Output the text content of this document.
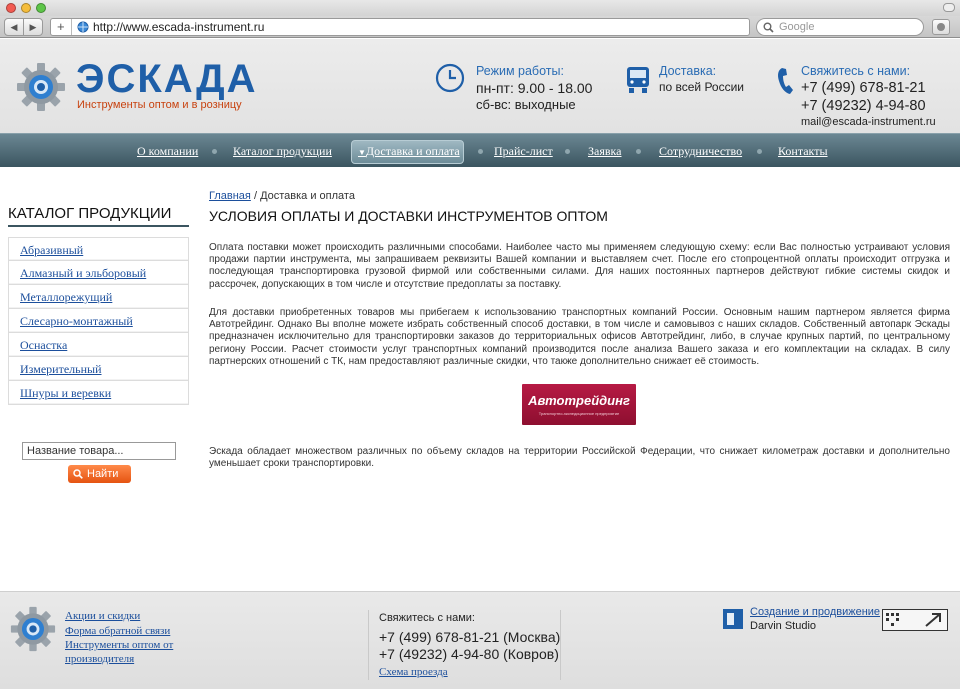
◀	▶	+ http://www.escada-instrument.ru	Google
ЭСКАДА
Инструменты оптом и в розницу
Режим работы:
пн-пт: 9.00 - 18.00
сб-вс: выходные
Доставка:
по всей России
Свяжитесь с нами:
+7 (499) 678-81-21
+7 (49232) 4-94-80
mail@escada-instrument.ru
О компании	Каталог продукции	▼Доставка и оплата	Прайс-лист	Заявка	Сотрудничество	Контакты
КАТАЛОГ ПРОДУКЦИИ
Абразивный
Алмазный и эльборовый
Металлорежущий
Слесарно-монтажный
Оснастка
Измерительный
Шнуры и веревки
Название товара...
Найти
Главная / Доставка и оплата
УСЛОВИЯ ОПЛАТЫ И ДОСТАВКИ ИНСТРУМЕНТОВ ОПТОМ
Оплата поставки может происходить различными способами. Наиболее часто мы применяем следующую схему: если Вас полностью устраивают условия продажи партии инструмента, мы запрашиваем реквизиты Вашей компании и выставляем счет. После его стопроцентной оплаты происходит отгрузка и последующая транспортировка грузовой фирмой или собственными силами. Для наших постоянных партнеров действуют гибкие системы скидок и рассрочек, допускающих в том числе и отсутствие предоплаты за поставку.
Для доставки приобретенных товаров мы прибегаем к использованию транспортных компаний России. Основным нашим партнером является фирма Автотрейдинг. Однако Вы вполне можете избрать собственный способ доставки, в том числе и самовывоз с наших складов. Собственный автопарк Эскады предназначен исключительно для транспортировки заказов до территориальных офисов Автотрейдинг, либо, в случае крупных партий, по центральному региону России. Расчет стоимости услуг транспортных компаний производится после анализа Вашего заказа и его комплектации на складах. В силу партнерских отношений с ТК, нам предоставляют различные скидки, что также дополнительно снижает её стоимость.
Автотрейдинг
Транспортно-экспедиционное предприятие
Эскада обладает множеством различных по объему складов на территории Российской Федерации, что снижает километраж доставки и дополнительно уменьшает сроки транспортировки.
Акции и скидки
Форма обратной связи
Инструменты оптом от
производителя
Свяжитесь с нами:
+7 (499) 678-81-21 (Москва)
+7 (49232) 4-94-80 (Ковров)
Схема проезда
Создание и продвижение
Darvin Studio
